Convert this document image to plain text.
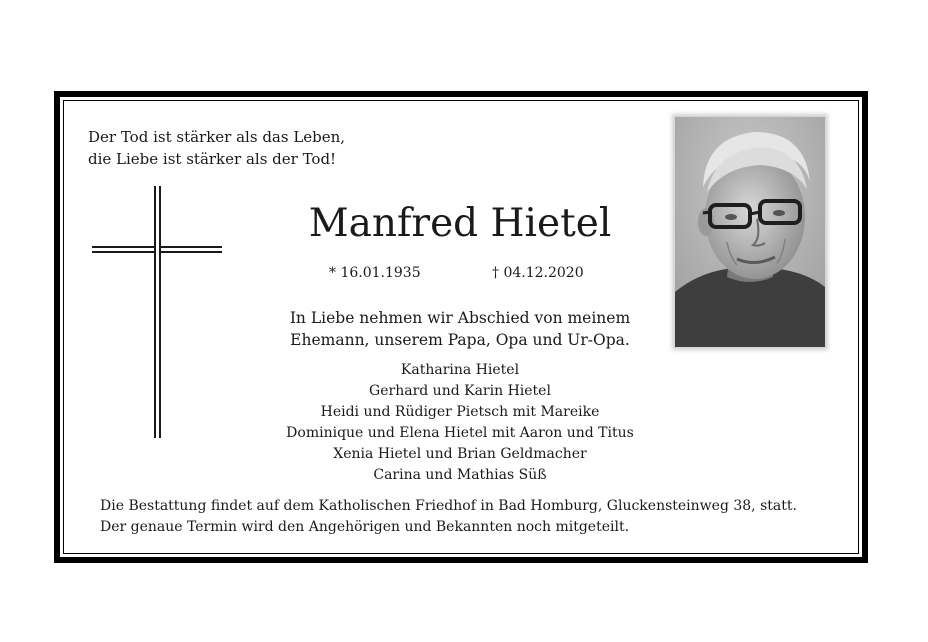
Der Tod ist stärker als das Leben,
die Liebe ist stärker als der Tod!
Manfred Hietel
* 16.01.1935	† 04.12.2020
In Liebe nehmen wir Abschied von meinem
Ehemann, unserem Papa, Opa und Ur-Opa.
Katharina Hietel
Gerhard und Karin Hietel
Heidi und Rüdiger Pietsch mit Mareike
Dominique und Elena Hietel mit Aaron und Titus
Xenia Hietel und Brian Geldmacher
Carina und Mathias Süß
Die Bestattung findet auf dem Katholischen Friedhof in Bad Homburg, Gluckensteinweg 38, statt.
Der genaue Termin wird den Angehörigen und Bekannten noch mitgeteilt.
